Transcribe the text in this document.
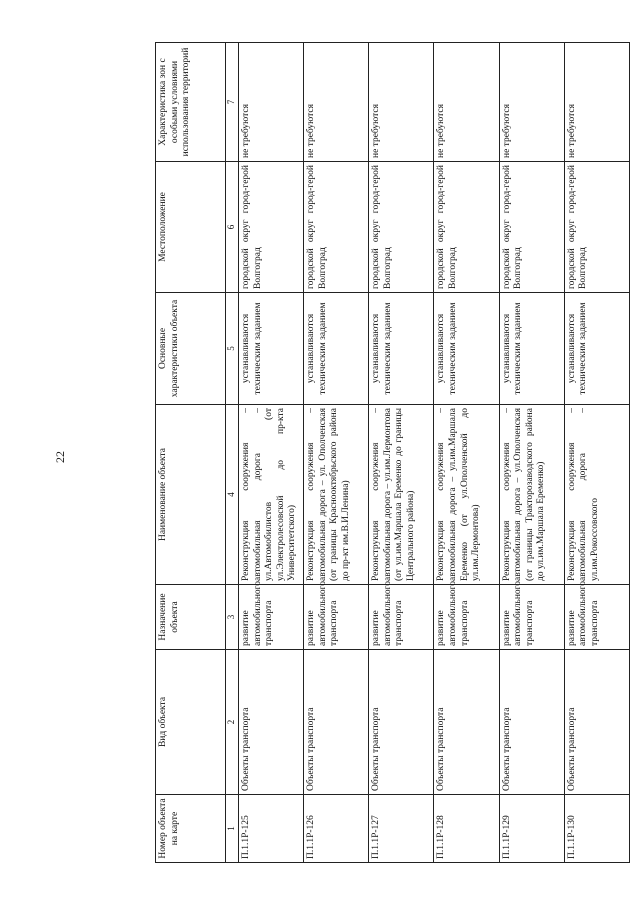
22
Номер объекта на карте	Вид объекта	Назначение объекта	Наименование объекта	Основные характеристики объекта	Местоположение	Характеристика зон с особыми условиями использования территорий
1	2	3	4	5	6	7
П.1.1Р-125	Объекты транспорта	развитие автомобильного транспорта	Реконструкция сооружения – автомобильная дорога – ул.Автомобилистов (от ул.Электролесовской до пр-кта Университетского)	устанавливаются техническим заданием	городской округ город-герой Волгоград	не требуются
П.1.1Р-126	Объекты транспорта	развитие автомобильного транспорта	Реконструкция сооружения – автомобильная дорога – ул. Ополченская (от границы Краснооктябрьского района до пр-кт им.В.И.Ленина)	устанавливаются техническим заданием	городской округ город-герой Волгоград	не требуются
П.1.1Р-127	Объекты транспорта	развитие автомобильного транспорта	Реконструкция сооружения – автомобильная дорога – ул.им.Лермонтова (от ул.им.Маршала Еременко до границы Центрального района)	устанавливаются техническим заданием	городской округ город-герой Волгоград	не требуются
П.1.1Р-128	Объекты транспорта	развитие автомобильного транспорта	Реконструкция сооружения – автомобильная дорога – ул.им.Маршала Еременко (от ул.Ополченской до ул.им.Лермонтова)	устанавливаются техническим заданием	городской округ город-герой Волгоград	не требуются
П.1.1Р-129	Объекты транспорта	развитие автомобильного транспорта	Реконструкция сооружения – автомобильная дорога – ул.Ополченская (от границы Тракторозаводского района до ул.им.Маршала Еременко)	устанавливаются техническим заданием	городской округ город-герой Волгоград	не требуются
П.1.1Р-130	Объекты транспорта	развитие автомобильного транспорта	Реконструкция сооружения – автомобильная дорога – ул.им.Рокоссовского	устанавливаются техническим заданием	городской округ город-герой Волгоград	не требуются
